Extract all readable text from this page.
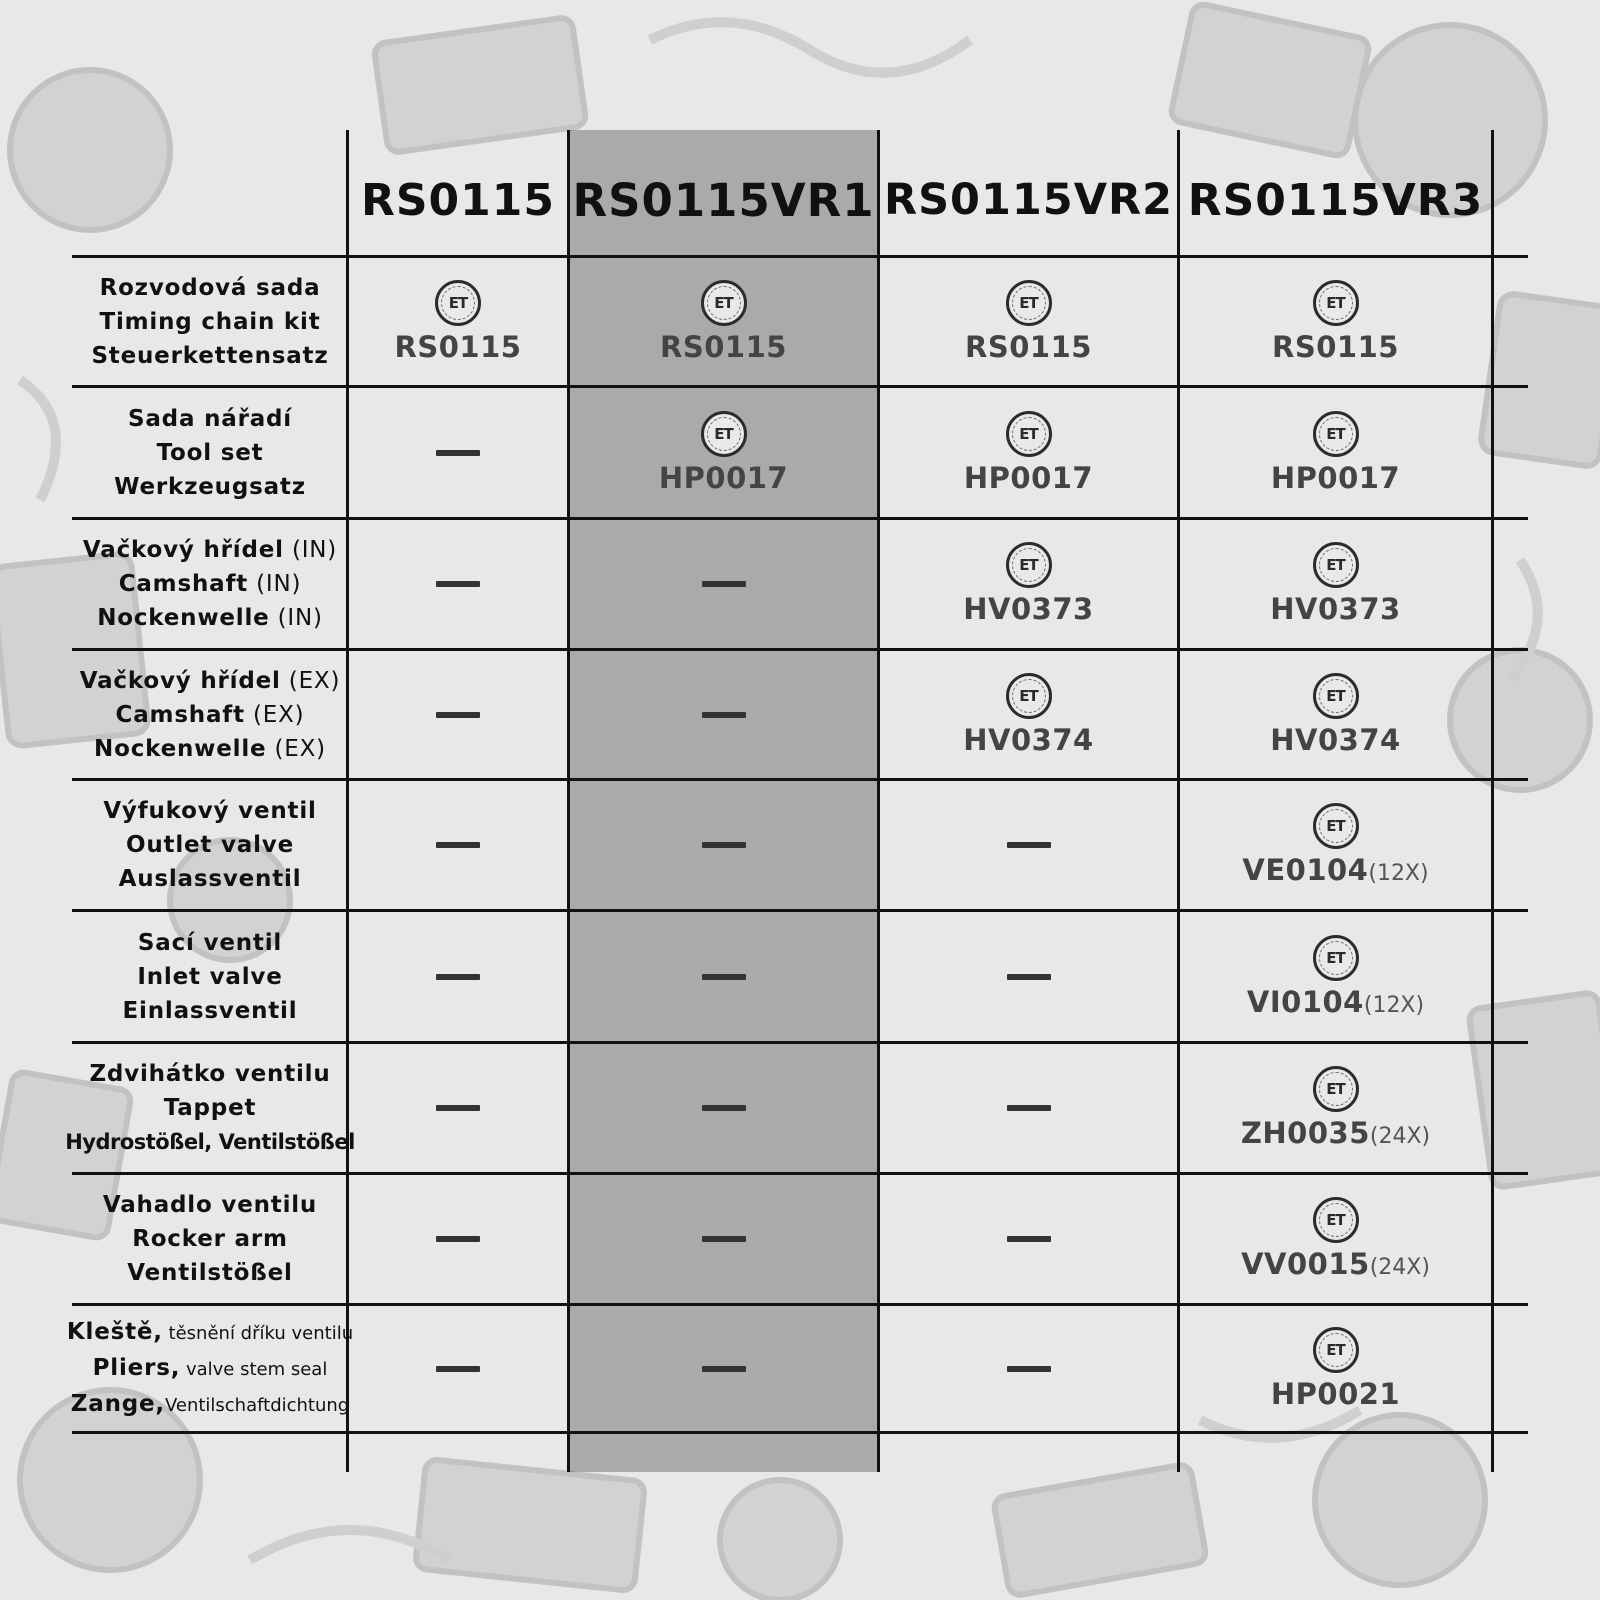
RS0115 RS0115VR1 RS0115VR2 RS0115VR3
Rozvodová sada
Timing chain kit
Steuerkettensatz
ET
RS0115
ET
RS0115
ET
RS0115
ET
RS0115
Sada nářadí
Tool set
Werkzeugsatz
ET
HP0017
ET
HP0017
ET
HP0017
Vačkový hřídel (IN)
Camshaft (IN)
Nockenwelle (IN)
ET
HV0373
ET
HV0373
Vačkový hřídel (EX)
Camshaft (EX)
Nockenwelle (EX)
ET
HV0374
ET
HV0374
Výfukový ventil
Outlet valve
Auslassventil
ET
VE0104(12X)
Sací ventil
Inlet valve
Einlassventil
ET
VI0104(12X)
Zdvihátko ventilu
Tappet
Hydrostößel, Ventilstößel
ET
ZH0035(24X)
Vahadlo ventilu
Rocker arm
Ventilstößel
ET
VV0015(24X)
Kleště, těsnění dříku ventilu
Pliers, valve stem seal
Zange,Ventilschaftdichtung
ET
HP0021
